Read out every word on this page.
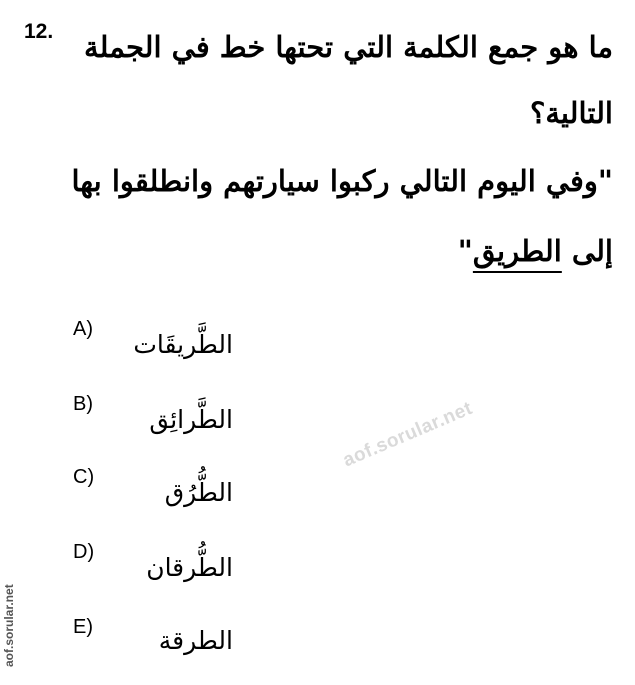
12. ما هو جمع الكلمة التي تحتها خط في الجملة
التالية؟
"وفي اليوم التالي ركبوا سيارتهم وانطلقوا بها
إلى الطريق"
A)
الطَّريقَات
B)
الطَّرائِق
C)
الطُّرُق
D)
الطُّرقان
E)	الطرقة
aof.sorular.net
aof.sorular.net
